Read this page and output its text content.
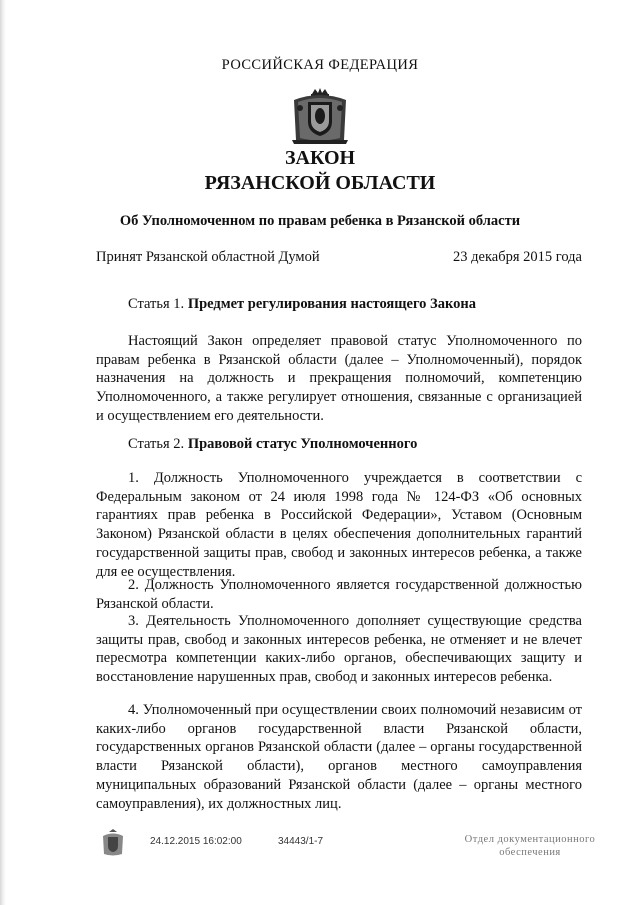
РОССИЙСКАЯ ФЕДЕРАЦИЯ
ЗАКОН
РЯЗАНСКОЙ ОБЛАСТИ
Об Уполномоченном по правам ребенка в Рязанской области
Принят Рязанской областной Думой	23 декабря 2015 года
Статья 1. Предмет регулирования настоящего Закона

Настоящий Закон определяет правовой статус Уполномоченного по правам ребенка в Рязанской области (далее – Уполномоченный), порядок назначения на должность и прекращения полномочий, компетенцию Уполномоченного, а также регулирует отношения, связанные с организацией и осуществлением его деятельности.

Статья 2. Правовой статус Уполномоченного

1. Должность Уполномоченного учреждается в соответствии с Федеральным законом от 24 июля 1998 года № 124-ФЗ «Об основных гарантиях прав ребенка в Российской Федерации», Уставом (Основным Законом) Рязанской области в целях обеспечения дополнительных гарантий государственной защиты прав, свобод и законных интересов ребенка, а также для ее осуществления.

2. Должность Уполномоченного является государственной должностью Рязанской области.

3. Деятельность Уполномоченного дополняет существующие средства защиты прав, свобод и законных интересов ребенка, не отменяет и не влечет пересмотра компетенции каких-либо органов, обеспечивающих защиту и восстановление нарушенных прав, свобод и законных интересов ребенка.

4. Уполномоченный при осуществлении своих полномочий независим от каких-либо органов государственной власти Рязанской области, государственных органов Рязанской области (далее – органы государственной власти Рязанской области), органов местного самоуправления муниципальных образований Рязанской области (далее – органы местного самоуправления), их должностных лиц.

24.12.2015 16:02:00	34443/1-7	Отдел документационного
обеспечения
